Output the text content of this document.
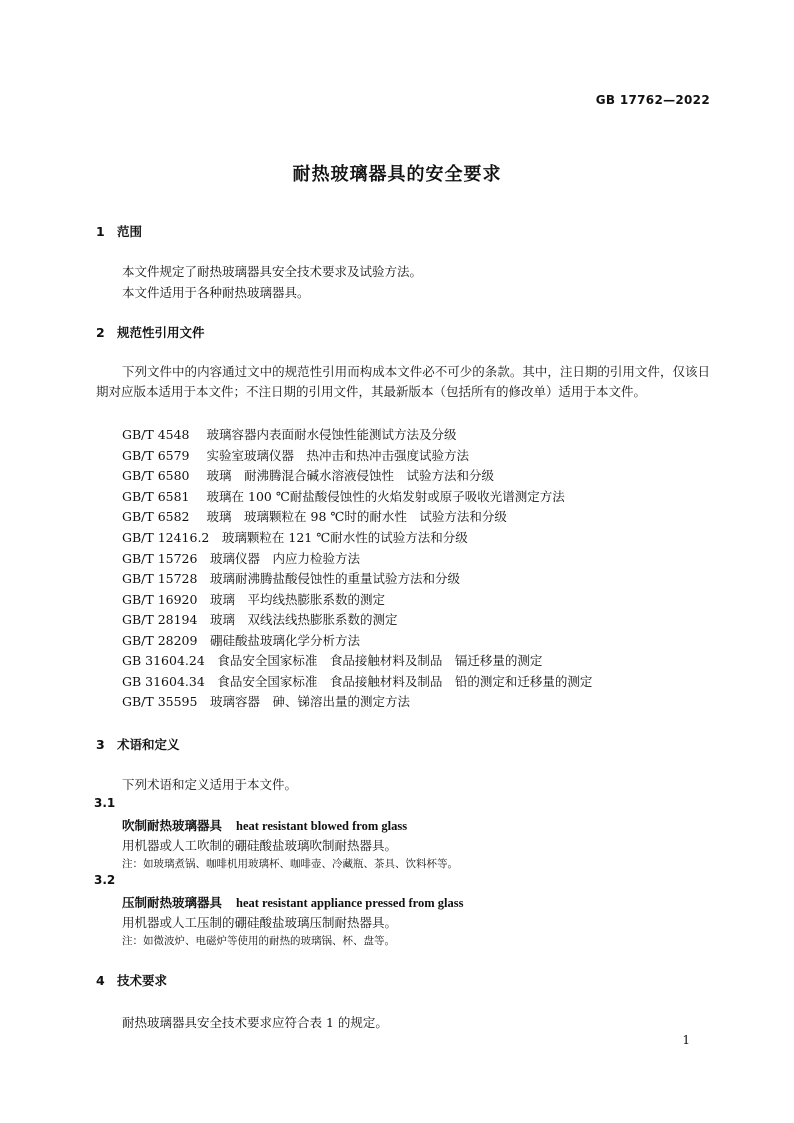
GB 17762—2022
耐热玻璃器具的安全要求
1 范围
本文件规定了耐热玻璃器具安全技术要求及试验方法。
本文件适用于各种耐热玻璃器具。
2 规范性引用文件
下列文件中的内容通过文中的规范性引用而构成本文件必不可少的条款。其中，注日期的引用文件，仅该日期对应版本适用于本文件；不注日期的引用文件，其最新版本（包括所有的修改单）适用于本文件。
GB/T 4548　 玻璃容器内表面耐水侵蚀性能测试方法及分级
GB/T 6579　 实验室玻璃仪器　热冲击和热冲击强度试验方法
GB/T 6580　 玻璃　耐沸腾混合碱水溶液侵蚀性　试验方法和分级
GB/T 6581　 玻璃在 100 ℃耐盐酸侵蚀性的火焰发射或原子吸收光谱测定方法
GB/T 6582　 玻璃　玻璃颗粒在 98 ℃时的耐水性　试验方法和分级
GB/T 12416.2　 玻璃颗粒在 121 ℃耐水性的试验方法和分级
GB/T 15726　 玻璃仪器　内应力检验方法
GB/T 15728　 玻璃耐沸腾盐酸侵蚀性的重量试验方法和分级
GB/T 16920　 玻璃　平均线热膨胀系数的测定
GB/T 28194　 玻璃　双线法线热膨胀系数的测定
GB/T 28209　 硼硅酸盐玻璃化学分析方法
GB 31604.24　 食品安全国家标准　食品接触材料及制品　镉迁移量的测定
GB 31604.34　 食品安全国家标准　食品接触材料及制品　铅的测定和迁移量的测定
GB/T 35595　 玻璃容器　砷、锑溶出量的测定方法
3 术语和定义
下列术语和定义适用于本文件。
3.1
吹制耐热玻璃器具 heat resistant blowed from glass
用机器或人工吹制的硼硅酸盐玻璃吹制耐热器具。
注：如玻璃煮锅、咖啡机用玻璃杯、咖啡壶、冷藏瓶、茶具、饮料杯等。
3.2
压制耐热玻璃器具 heat resistant appliance pressed from glass
用机器或人工压制的硼硅酸盐玻璃压制耐热器具。
注：如微波炉、电磁炉等使用的耐热的玻璃锅、杯、盘等。
4 技术要求
耐热玻璃器具安全技术要求应符合表 1 的规定。
1
